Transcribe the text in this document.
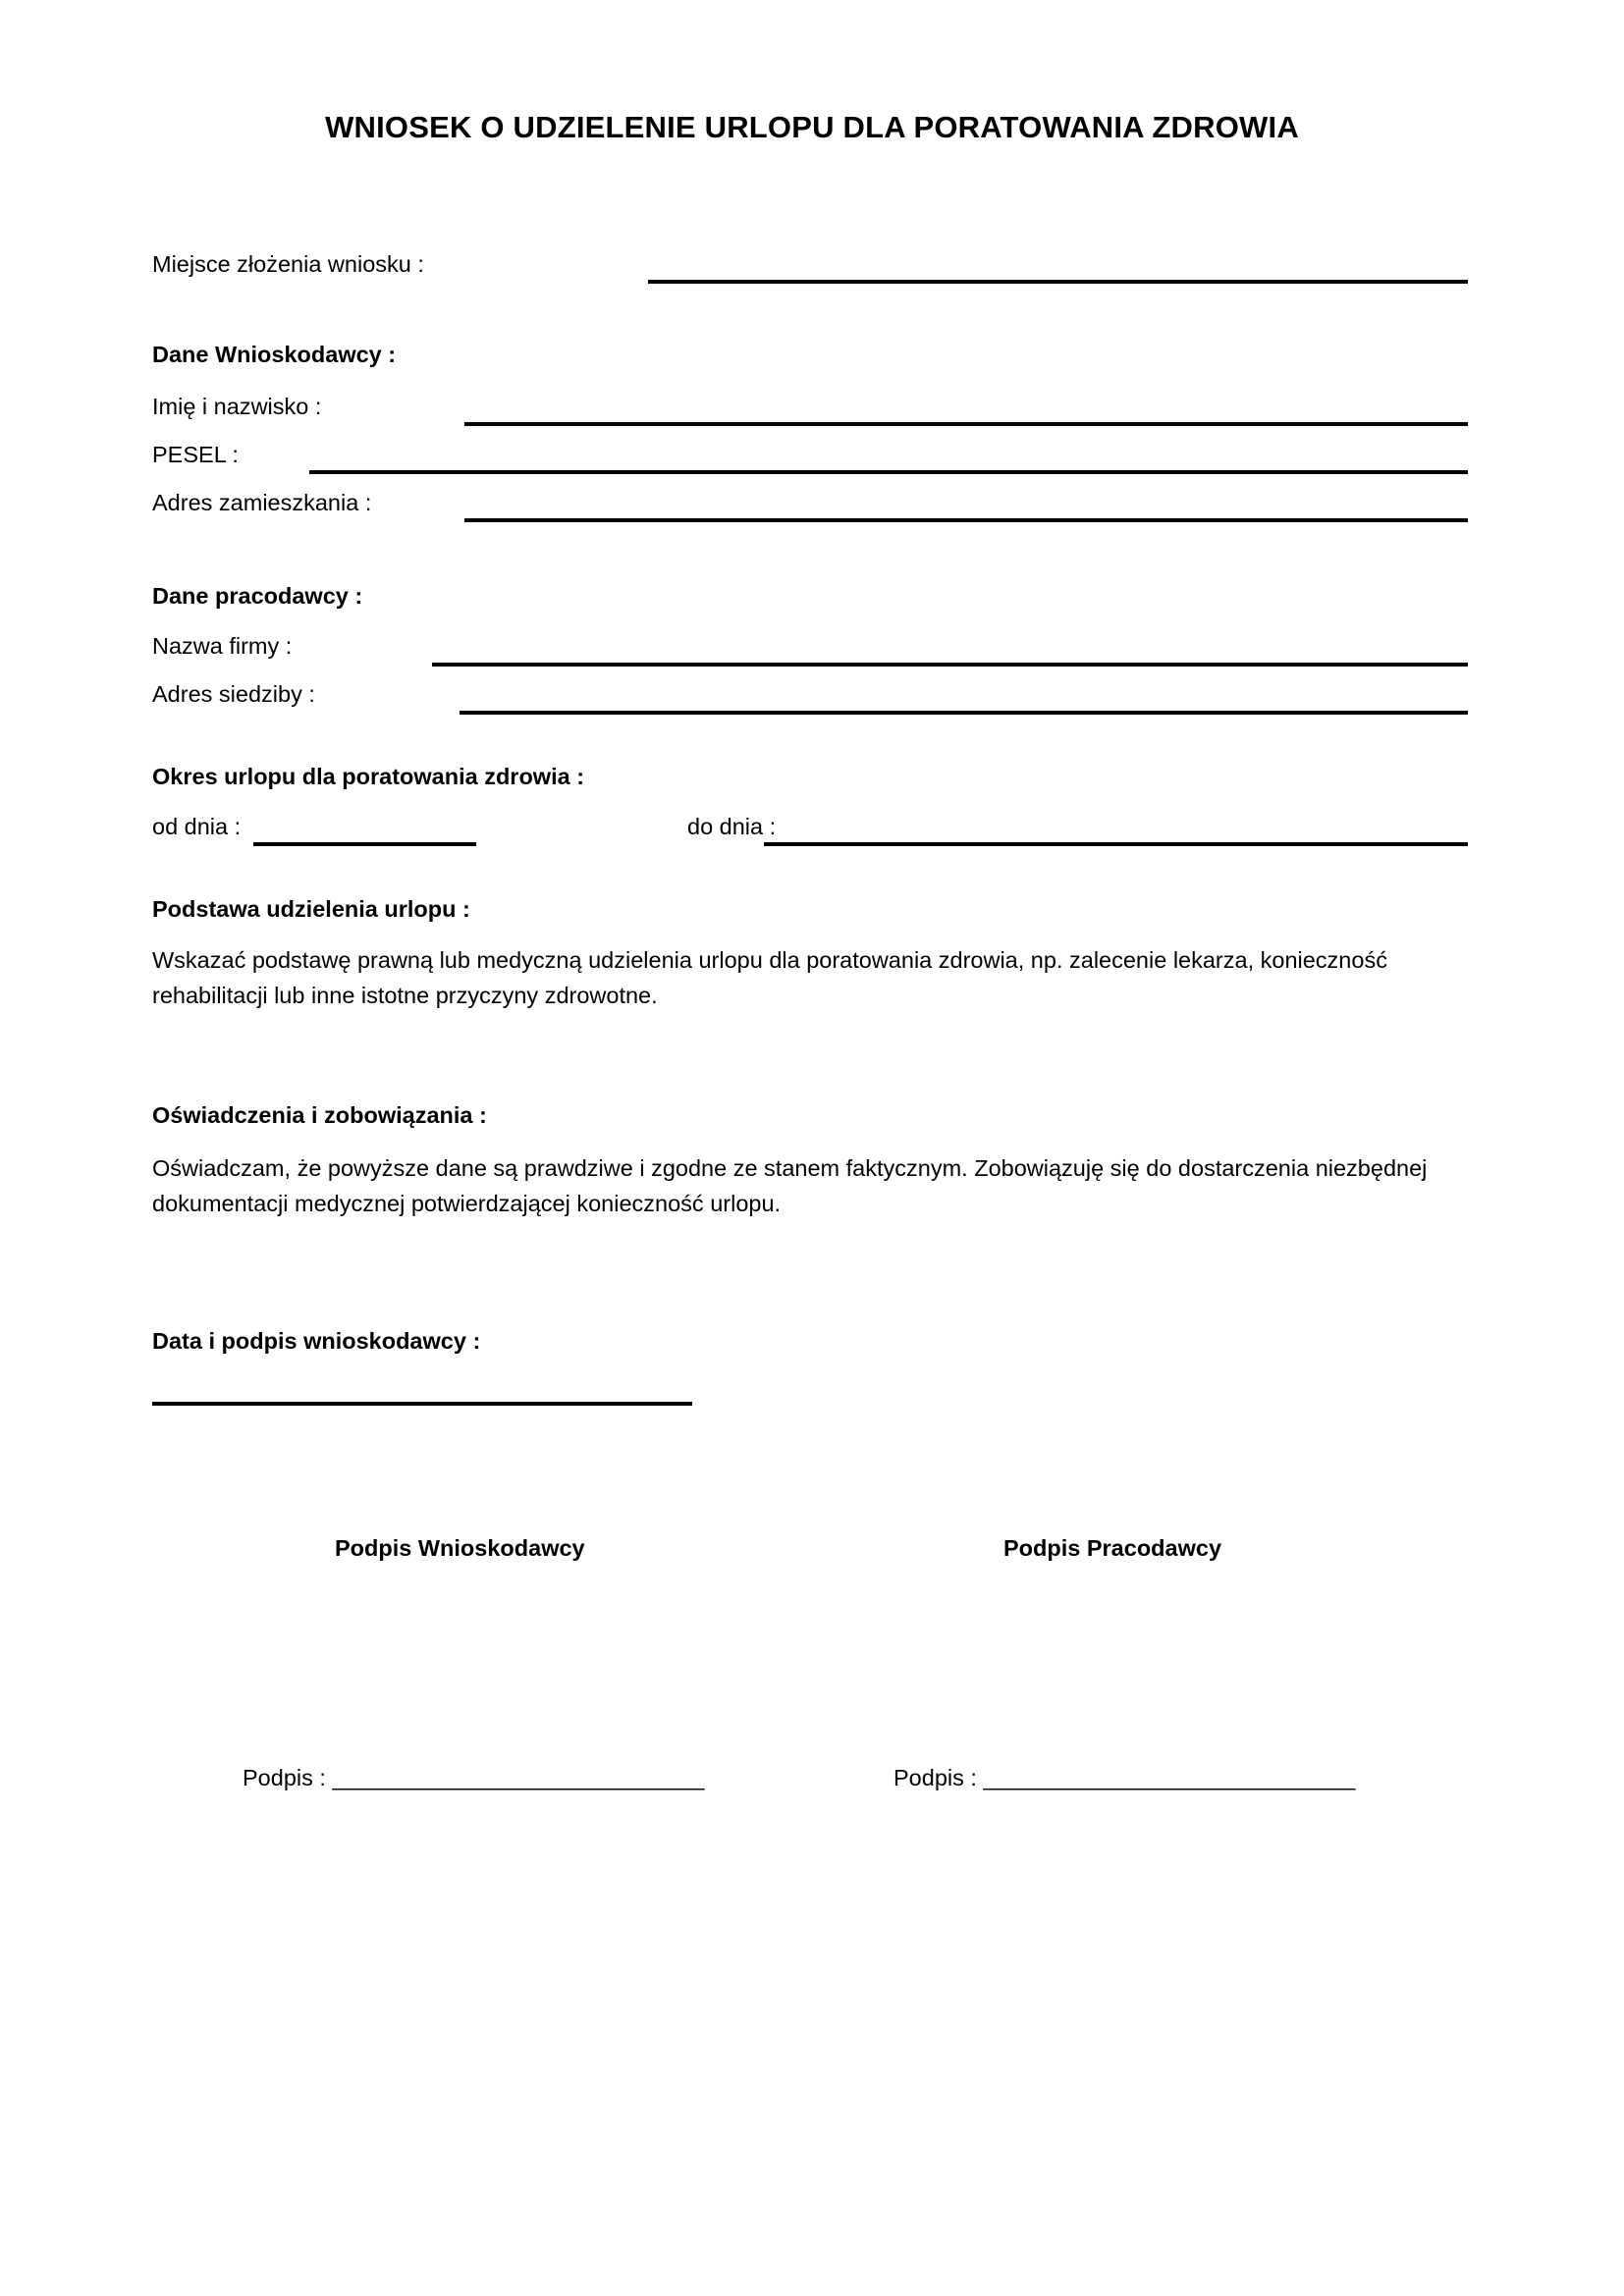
WNIOSEK O UDZIELENIE URLOPU DLA PORATOWANIA ZDROWIA
Miejsce złożenia wniosku :
Dane Wnioskodawcy :
Imię i nazwisko :
PESEL :
Adres zamieszkania :
Dane pracodawcy :
Nazwa firmy :
Adres siedziby :
Okres urlopu dla poratowania zdrowia :
od dnia :	do dnia :
Podstawa udzielenia urlopu :
Wskazać podstawę prawną lub medyczną udzielenia urlopu dla poratowania zdrowia, np. zalecenie lekarza, konieczność rehabilitacji lub inne istotne przyczyny zdrowotne.
Oświadczenia i zobowiązania :
Oświadczam, że powyższe dane są prawdziwe i zgodne ze stanem faktycznym. Zobowiązuję się do dostarczenia niezbędnej dokumentacji medycznej potwierdzającej konieczność urlopu.
Data i podpis wnioskodawcy :
Podpis Wnioskodawcy	Podpis Pracodawcy
Podpis : _____________________________	Podpis : _____________________________
